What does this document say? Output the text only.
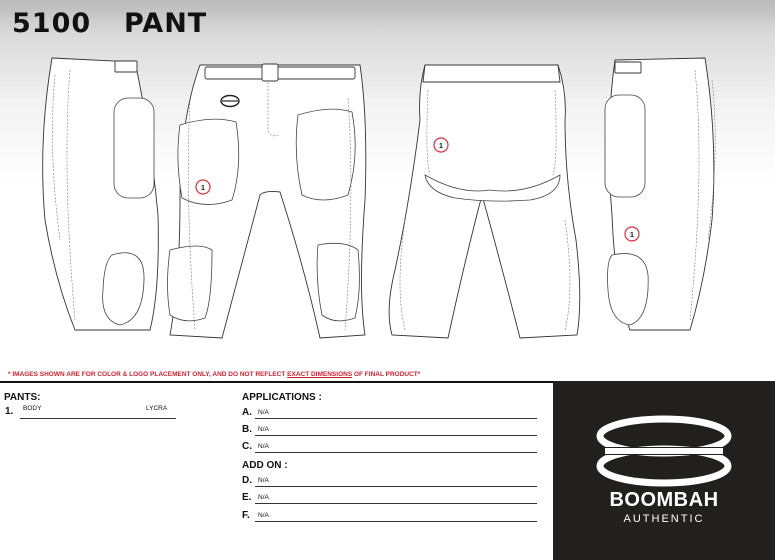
5100 PANT
1
1
1
* IMAGES SHOWN ARE FOR COLOR & LOGO PLACEMENT ONLY, AND DO NOT REFLECT EXACT DIMENSIONS OF FINAL PRODUCT*
PANTS:
1. BODY	LYCRA
APPLICATIONS :
A. N/A
B. N/A
C. N/A
ADD ON :
D. N/A
E. N/A
F. N/A
BOOMBAH
AUTHENTIC
